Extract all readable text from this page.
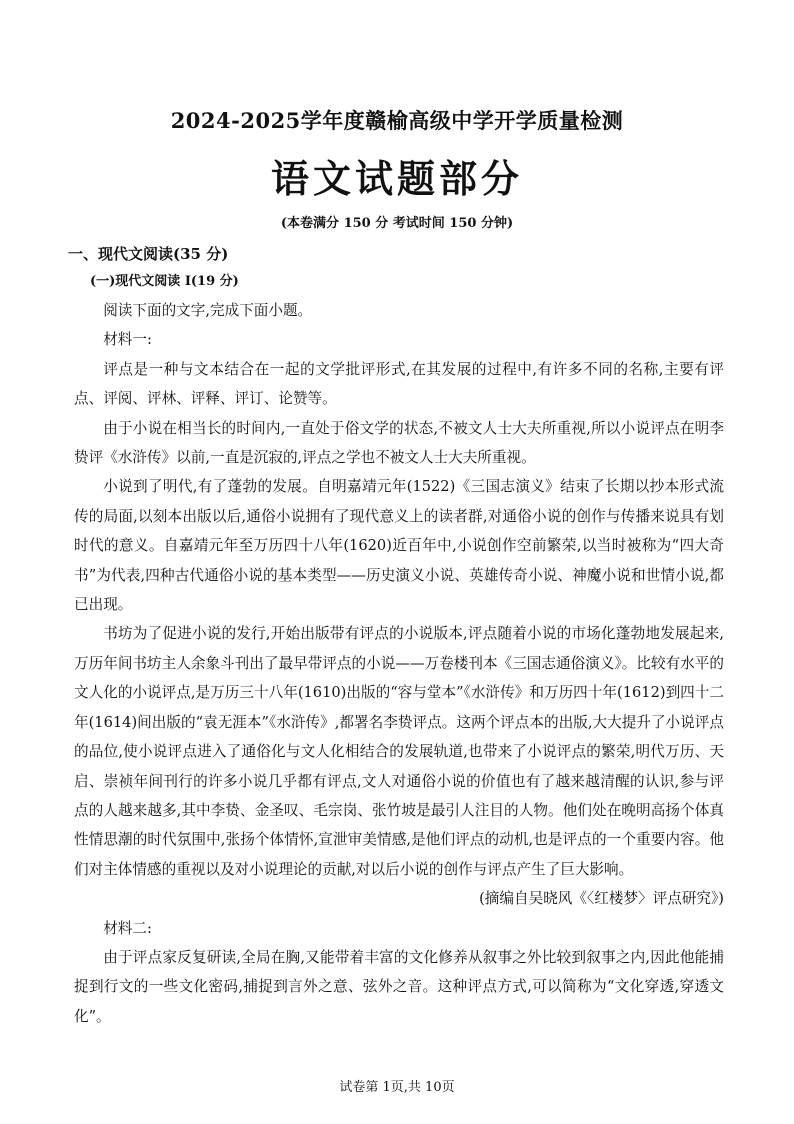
2024-2025学年度赣榆高级中学开学质量检测
语文试题部分
(本卷满分 150 分 考试时间 150 分钟)
一、现代文阅读(35 分)
(一)现代文阅读 I(19 分)

阅读下面的文字,完成下面小题。

材料一:

评点是一种与文本结合在一起的文学批评形式,在其发展的过程中,有许多不同的名称,主要有评点、评阅、评林、评释、评订、论赞等。

由于小说在相当长的时间内,一直处于俗文学的状态,不被文人士大夫所重视,所以小说评点在明李贽评《水浒传》以前,一直是沉寂的,评点之学也不被文人士大夫所重视。

小说到了明代,有了蓬勃的发展。自明嘉靖元年(1522)《三国志演义》结束了长期以抄本形式流传的局面,以刻本出版以后,通俗小说拥有了现代意义上的读者群,对通俗小说的创作与传播来说具有划时代的意义。自嘉靖元年至万历四十八年(1620)近百年中,小说创作空前繁荣,以当时被称为“四大奇书”为代表,四种古代通俗小说的基本类型——历史演义小说、英雄传奇小说、神魔小说和世情小说,都已出现。

书坊为了促进小说的发行,开始出版带有评点的小说版本,评点随着小说的市场化蓬勃地发展起来,万历年间书坊主人余象斗刊出了最早带评点的小说——万卷楼刊本《三国志通俗演义》。比较有水平的文人化的小说评点,是万历三十八年(1610)出版的“容与堂本”《水浒传》和万历四十年(1612)到四十二年(1614)间出版的“袁无涯本”《水浒传》,都署名李贽评点。这两个评点本的出版,大大提升了小说评点的品位,使小说评点进入了通俗化与文人化相结合的发展轨道,也带来了小说评点的繁荣,明代万历、天启、崇祯年间刊行的许多小说几乎都有评点,文人对通俗小说的价值也有了越来越清醒的认识,参与评点的人越来越多,其中李贽、金圣叹、毛宗岗、张竹坡是最引人注目的人物。他们处在晚明高扬个体真性情思潮的时代氛围中,张扬个体情怀,宣泄审美情感,是他们评点的动机,也是评点的一个重要内容。他们对主体情感的重视以及对小说理论的贡献,对以后小说的创作与评点产生了巨大影响。

(摘编自吴晓风《〈红楼梦〉评点研究》)

材料二:

由于评点家反复研读,全局在胸,又能带着丰富的文化修养从叙事之外比较到叙事之内,因此他能捕捉到行文的一些文化密码,捕捉到言外之意、弦外之音。这种评点方式,可以简称为“文化穿透,穿透文化”。

试卷第 1页,共 10页
